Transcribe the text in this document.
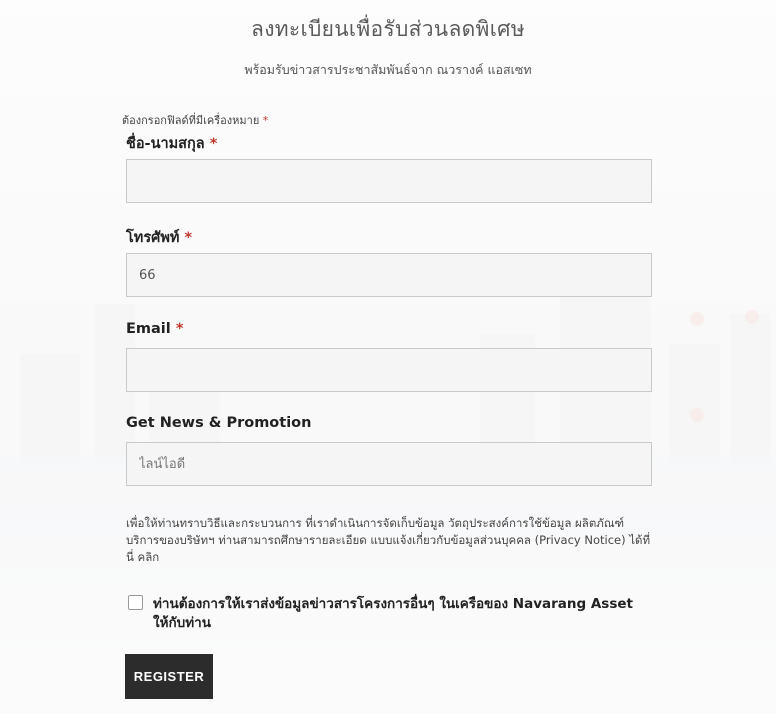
ลงทะเบียนเพื่อรับส่วนลดพิเศษ
พร้อมรับข่าวสารประชาสัมพันธ์จาก ณวรางค์ แอสเซท
ต้องกรอกฟิลด์ที่มีเครื่องหมาย *
ชื่อ-นามสกุล *
โทรศัพท์ *
66
Email *
Get News & Promotion
ไลน์ไอดี
เพื่อให้ท่านทราบวิธีและกระบวนการ ที่เราดำเนินการจัดเก็บข้อมูล วัตถุประสงค์การใช้ข้อมูล ผลิตภัณฑ์ บริการของบริษัทฯ ท่านสามารถศึกษารายละเอียด แบบแจ้งเกี่ยวกับข้อมูลส่วนบุคคล (Privacy Notice) ได้ที่นี่ คลิก
ท่านต้องการให้เราส่งข้อมูลข่าวสารโครงการอื่นๆ ในเครือของ Navarang Asset ให้กับท่าน
REGISTER
